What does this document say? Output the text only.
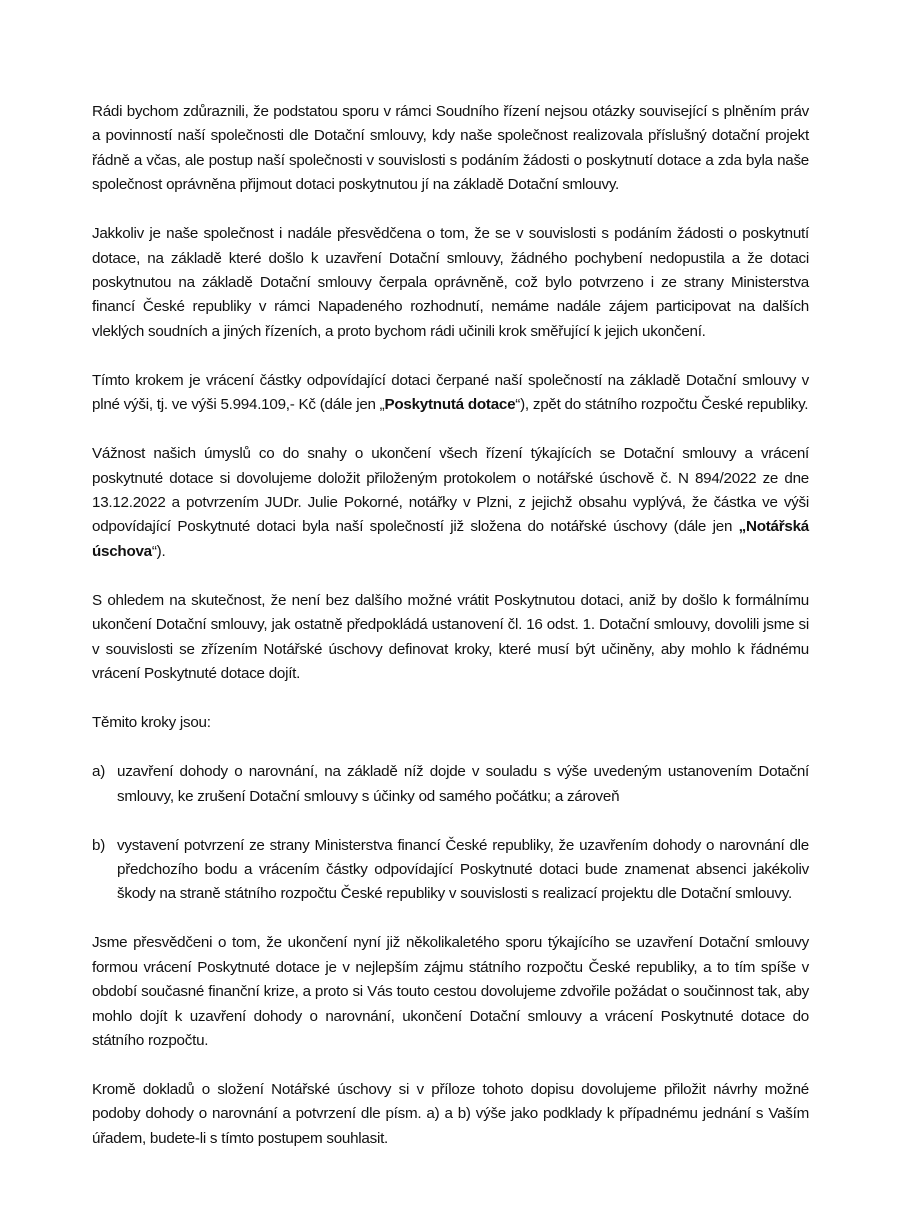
Rádi bychom zdůraznili, že podstatou sporu v rámci Soudního řízení nejsou otázky související s plněním práv a povinností naší společnosti dle Dotační smlouvy, kdy naše společnost realizovala příslušný dotační projekt řádně a včas, ale postup naší společnosti v souvislosti s podáním žádosti o poskytnutí dotace a zda byla naše společnost oprávněna přijmout dotaci poskytnutou jí na základě Dotační smlouvy.

Jakkoliv je naše společnost i nadále přesvědčena o tom, že se v souvislosti s podáním žádosti o poskytnutí dotace, na základě které došlo k uzavření Dotační smlouvy, žádného pochybení nedopustila a že dotaci poskytnutou na základě Dotační smlouvy čerpala oprávněně, což bylo potvrzeno i ze strany Ministerstva financí České republiky v rámci Napadeného rozhodnutí, nemáme nadále zájem participovat na dalších vleklých soudních a jiných řízeních, a proto bychom rádi učinili krok směřující k jejich ukončení.

Tímto krokem je vrácení částky odpovídající dotaci čerpané naší společností na základě Dotační smlouvy v plné výši, tj. ve výši 5.994.109,- Kč (dále jen „Poskytnutá dotace“), zpět do státního rozpočtu České republiky.

Vážnost našich úmyslů co do snahy o ukončení všech řízení týkajících se Dotační smlouvy a vrácení poskytnuté dotace si dovolujeme doložit přiloženým protokolem o notářské úschově č. N 894/2022 ze dne 13.12.2022 a potvrzením JUDr. Julie Pokorné, notářky v Plzni, z jejichž obsahu vyplývá, že částka ve výši odpovídající Poskytnuté dotaci byla naší společností již složena do notářské úschovy (dále jen „Notářská úschova“).

S ohledem na skutečnost, že není bez dalšího možné vrátit Poskytnutou dotaci, aniž by došlo k formálnímu ukončení Dotační smlouvy, jak ostatně předpokládá ustanovení čl. 16 odst. 1. Dotační smlouvy, dovolili jsme si v souvislosti se zřízením Notářské úschovy definovat kroky, které musí být učiněny, aby mohlo k řádnému vrácení Poskytnuté dotace dojít.

Těmito kroky jsou:

a) uzavření dohody o narovnání, na základě níž dojde v souladu s výše uvedeným ustanovením Dotační smlouvy, ke zrušení Dotační smlouvy s účinky od samého počátku; a zároveň
b) vystavení potvrzení ze strany Ministerstva financí České republiky, že uzavřením dohody o narovnání dle předchozího bodu a vrácením částky odpovídající Poskytnuté dotaci bude znamenat absenci jakékoliv škody na straně státního rozpočtu České republiky v souvislosti s realizací projektu dle Dotační smlouvy.

Jsme přesvědčeni o tom, že ukončení nyní již několikaletého sporu týkajícího se uzavření Dotační smlouvy formou vrácení Poskytnuté dotace je v nejlepším zájmu státního rozpočtu České republiky, a to tím spíše v období současné finanční krize, a proto si Vás touto cestou dovolujeme zdvořile požádat o součinnost tak, aby mohlo dojít k uzavření dohody o narovnání, ukončení Dotační smlouvy a vrácení Poskytnuté dotace do státního rozpočtu.

Kromě dokladů o složení Notářské úschovy si v příloze tohoto dopisu dovolujeme přiložit návrhy možné podoby dohody o narovnání a potvrzení dle písm. a) a b) výše jako podklady k případnému jednání s Vaším úřadem, budete-li s tímto postupem souhlasit.
